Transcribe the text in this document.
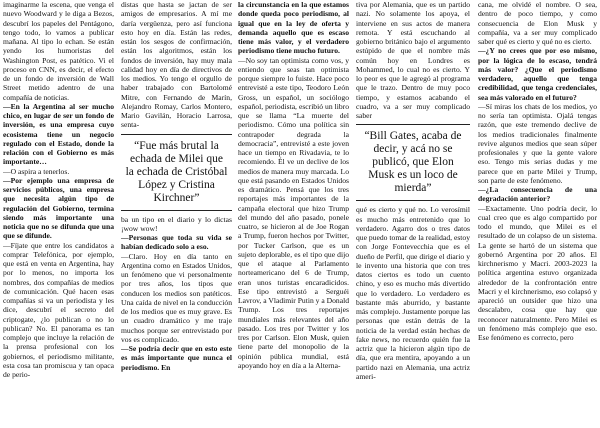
imaginarme la escena, que venga el nuevo Woodward y le diga a Bezos, descubrí los papeles del Pentágono, tengo todo, lo vamos a publicar mañana. Al tipo lo echan. Se están yendo los humoristas del Washington Post, es patético. Vi el proceso en CNN, es decir, el efecto de un fondo de inversión de Wall Street metido adentro de una compañía de noticias.

—En la Argentina al ser mucho chico, en lugar de ser un fondo de inversión, es una empresa cuyo ecosistema tiene un negocio regulado con el Estado, donde la relación con el Gobierno es más importante…

—O aspira a tenerlos.

—Por ejemplo una empresa de servicios públicos, una empresa que necesita algún tipo de regulación del Gobierno, termina siendo más importante una noticia que no se difunda que una que se difunde.

—Fíjate que entre los candidatos a comprar Telefónica, por ejemplo, que está en venta en Argentina, hay por lo menos, no importa los nombres, dos compañías de medios de comunicación. Qué hacen esas compañías si va un periodista y les dice, descubrí el secreto del criptogate, ¿lo publican o no lo publican? No. El panorama es tan complejo que incluye la relación de la prensa profesional con los gobiernos, el periodismo militante, esta cosa tan promiscua y tan opaca de perio-

distas que hasta se jactan de ser amigos de empresarios. A mí me daría vergüenza, pero así funciona esto hoy en día. Están las redes, están los sesgos de confirmación, están los algoritmos, están los fondos de inversión, hay muy mala calidad hoy en día de directivos de los medios. Yo tengo el orgullo de haber trabajado con Bartolomé Mitre, con Fernando de Marín, Alejandro Romay, Carlos Montero, Mario Gavilán, Horacio Larrosa, senta-

“Fue más brutal la echada de Milei que la echada de Cristóbal López y Cristina Kirchner”

ba un tipo en el diario y lo dictas ¡wow wow!

—Personas que toda su vida se habían dedicado solo a eso.

—Claro. Hoy en día tanto en Argentina como en Estados Unidos, un fenómeno que vi personalmente por tres años, los tipos que conducen los medios son patéticos. Una caída de nivel en la conducción de los medios que es muy grave. Es un cuadro dramático y me traje muchos porque ser entrevistado por vos es complicado.

—Se podría decir que en esto este es más importante que nunca el periodismo. En

la circunstancia en la que estamos donde queda poco periodismo, al igual que en la ley de oferta y demanda aquello que es escaso tiene más valor, y el verdadero periodismo tiene mucho futuro.

—No soy tan optimista como vos, y entiendo que seas tan optimista porque siempre lo fuiste. Hace poco entrevisté a este tipo, Teodoro León Gross, un español, un sociólogo español, periodista, escribió un libro que se llama “La muerte del periodismo. Cómo una política sin contrapoder degrada la democracia”, entrevisté a este joven hace un tiempo en Rivadavia, te lo recomiendo. Él ve un declive de los medios de manera muy marcada. Lo que está pasando en Estados Unidos es dramático. Pensá que los tres reportajes más importantes de la campaña electoral que hizo Trump del mundo del año pasado, ponele cuatro, se hicieron al de Joe Rogan a Trump, fueron hechos por Twitter, por Tucker Carlson, que es un sujeto deplorable, es el tipo que dijo que el ataque al Parlamento norteamericano del 6 de Trump, eran unos turistas encaradicidos. Ese tipo entrevistó a Serguéi Lavrov, a Vladimir Putin y a Donald Trump. Los tres reportajes mundiales más relevantes del año pasado. Los tres por Twitter y los tres por Carlson. Elon Musk, quien tiene parte del monopolio de la opinión pública mundial, está apoyando hoy en día a la Alterna-

tiva por Alemania, que es un partido nazi. No solamente los apoya, el interviene en sus actos de manera remota. Y está escuchando al gobierno británico bajo el argumento estúpido de que el nombre más común hoy en Londres es Mohammed, lo cual no es cierto. Y lo peor es que le agregó al programa que le trazo. Dentro de muy poco tiempo, y estamos acabando el cuadro, va a ser muy complicado saber

“Bill Gates, acaba de decir, y acá no se publicó, que Elon Musk es un loco de mierda”

qué es cierto y qué no. Lo verosímil es mucho más entretenido que lo verdadero. Agarro dos o tres datos que puedo tomar de la realidad, estoy con Jorge Fontevecchia que es el dueño de Perfil, que dirige el diario y le invento una historia que con tres datos ciertos es todo un cuento chino, y eso es mucho más divertido que lo verdadero. Lo verdadero es bastante más aburrido, y bastante más complejo. Justamente porque las personas que están detrás de la noticia de la verdad están hechas de fake news, no recuerdo quién fue la actriz que la hicieron algún tipo de día, que era mentira, apoyando a un partido nazi en Alemania, una actriz ameri-

cana, me olvidé el nombre. O sea, dentro de poco tiempo, y como consecuencia de Elon Musk y compañía, va a ser muy complicado saber qué es cierto y qué no es cierto.

—¿Y no crees que por eso mismo, por la lógica de lo escaso, tendrá más valor? ¿Que el periodismo verdadero, aquello que tenga credibilidad, que tenga credenciales, sea más valorado en el futuro?

—Sí miras los chats de los medios, yo no sería tan optimista. Ojalá tengas razón, que este tremendo declive de los medios tradicionales finalmente revive algunos medios que sean súper profesionales y que la gente valore eso. Tengo mis serias dudas y me parece que en parte Milei y Trump, son parte de este fenómeno.

—¿La consecuencia de una degradación anterior?

—Exactamente. Uno podría decir, lo cual creo que es algo compartido por todo el mundo, que Milei es el resultado de un colapso de un sistema. La gente se hartó de un sistema que gobernó Argentina por 20 años. El kirchnerismo y Macri. 2003-2023 la política argentina estuvo organizada alrededor de la confrontación entre Macri y el kirchnerismo, eso colapsó y apareció un outsider que hizo una descalabro, cosa que hay que reconocer naturalmente. Pero Milei es un fenómeno más complejo que eso. Ese fenómeno es correcto, pero
